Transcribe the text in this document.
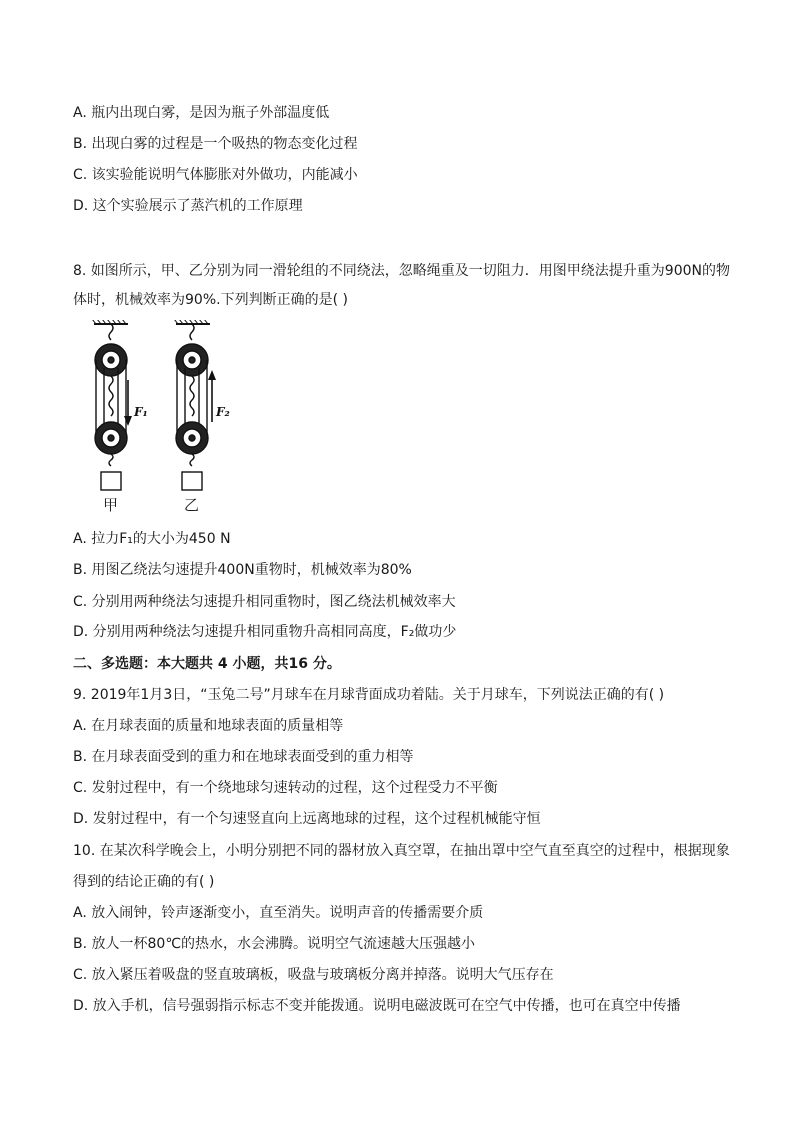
A. 瓶内出现白雾，是因为瓶子外部温度低
B. 出现白雾的过程是一个吸热的物态变化过程
C. 该实验能说明气体膨胀对外做功，内能减小
D. 这个实验展示了蒸汽机的工作原理
8. 如图所示，甲、乙分别为同一滑轮组的不同绕法，忽略绳重及一切阻力．用图甲绕法提升重为900N的物
体时，机械效率为90%.下列判断正确的是( )
F₁	F₂
甲	乙
A. 拉力F₁的大小为450 N
B. 用图乙绕法匀速提升400N重物时，机械效率为80%
C. 分别用两种绕法匀速提升相同重物时，图乙绕法机械效率大
D. 分别用两种绕法匀速提升相同重物升高相同高度，F₂做功少
二、多选题：本大题共 4 小题，共16 分。
9. 2019年1月3日，“玉兔二号”月球车在月球背面成功着陆。关于月球车，下列说法正确的有( )
A. 在月球表面的质量和地球表面的质量相等
B. 在月球表面受到的重力和在地球表面受到的重力相等
C. 发射过程中，有一个绕地球匀速转动的过程，这个过程受力不平衡
D. 发射过程中，有一个匀速竖直向上远离地球的过程，这个过程机械能守恒
10. 在某次科学晚会上，小明分别把不同的器材放入真空罩，在抽出罩中空气直至真空的过程中，根据现象
得到的结论正确的有( )
A. 放入闹钟，铃声逐渐变小，直至消失。说明声音的传播需要介质
B. 放人一杯80℃的热水，水会沸腾。说明空气流速越大压强越小
C. 放入紧压着吸盘的竖直玻璃板，吸盘与玻璃板分离并掉落。说明大气压存在
D. 放入手机，信号强弱指示标志不变并能拨通。说明电磁波既可在空气中传播，也可在真空中传播
